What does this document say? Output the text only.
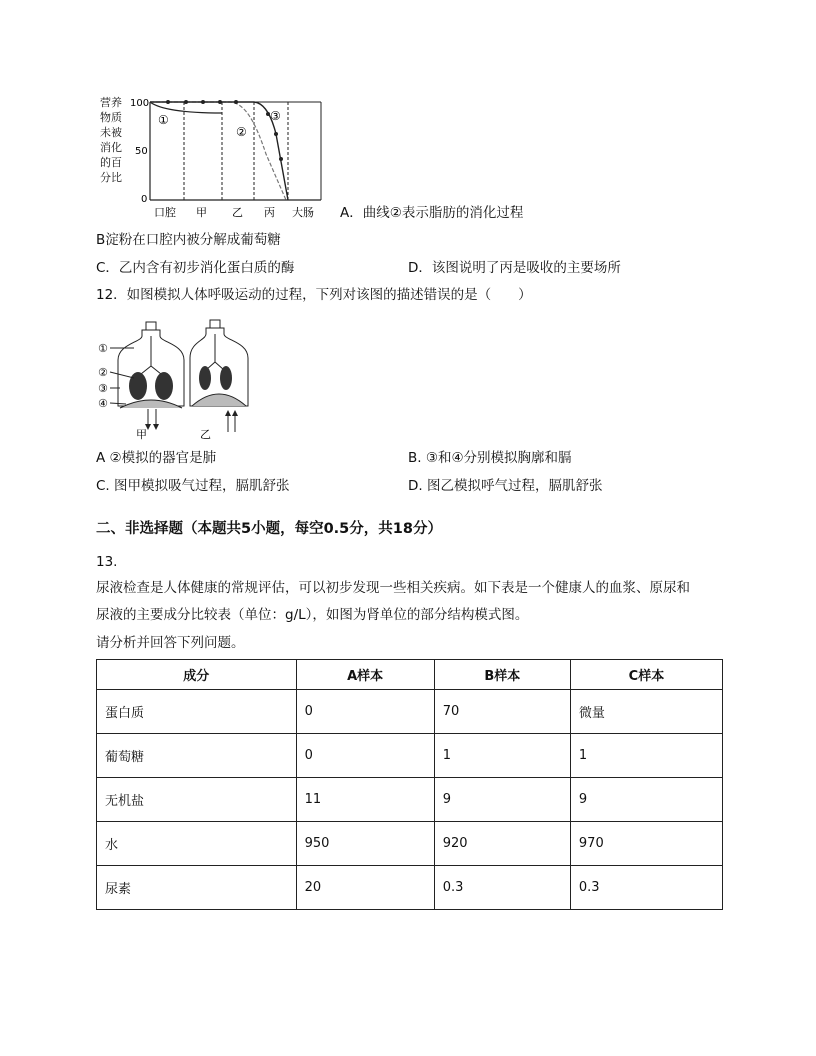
营养物质未被 消化的百分比
100
50
0
①
②
③
口腔 甲 乙 丙 大肠 A．曲线②表示脂肪的消化过程
B淀粉在口腔内被分解成葡萄糖
C．乙内含有初步消化蛋白质的酶	D．该图说明了丙是吸收的主要场所
12．如图模拟人体呼吸运动的过程，下列对该图的描述错误的是（　　）
①
②
③
④
甲	乙
A ②模拟的器官是肺	B. ③和④分别模拟胸廓和膈
C. 图甲模拟吸气过程，膈肌舒张	D. 图乙模拟呼气过程，膈肌舒张
二、非选择题（本题共5小题，每空0.5分，共18分）
13.
尿液检查是人体健康的常规评估，可以初步发现一些相关疾病。如下表是一个健康人的血浆、原尿和
尿液的主要成分比较表（单位：g/L），如图为肾单位的部分结构模式图。
请分析并回答下列问题。
成分	A样本	B样本	C样本
蛋白质	0	70	微量
葡萄糖	0	1	1
无机盐	11	9	9
水	950	920	970
尿素	20	0.3	0.3
